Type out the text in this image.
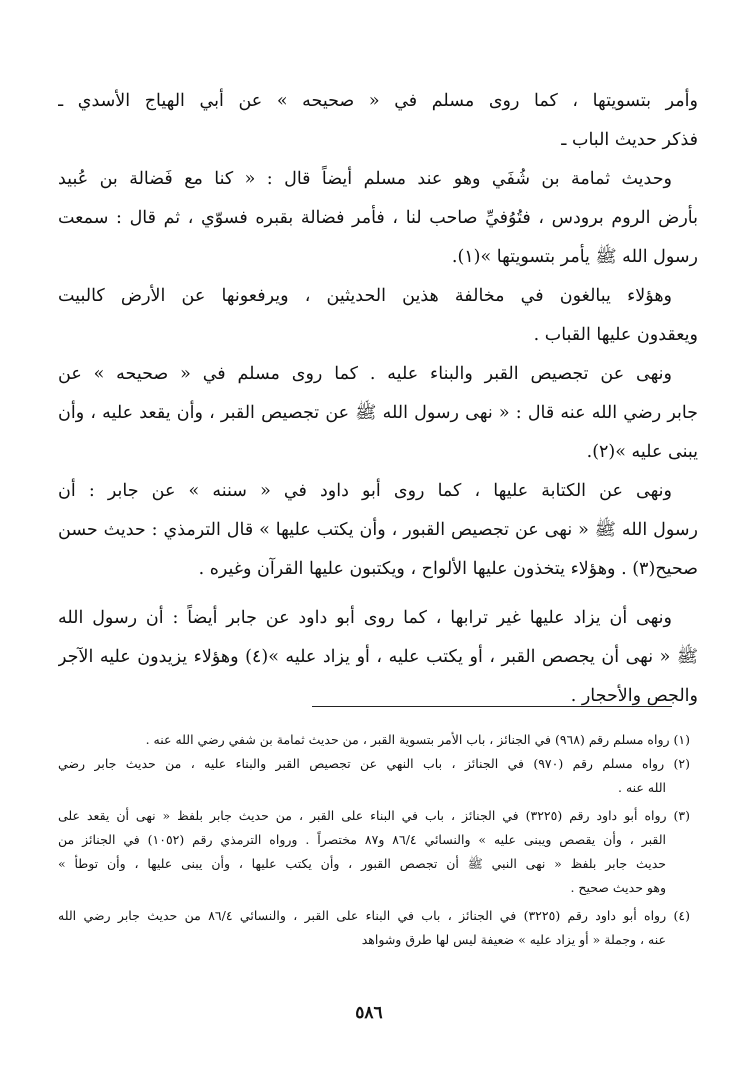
وأمر بتسويتها ، كما روى مسلم في « صحيحه » عن أبي الهياج الأسدي ـ
فذكر حديث الباب ـ
وحديث ثمامة بن شُفَي وهو عند مسلم أيضاً قال : « كنا مع فَضالة بن عُبيد
بأرض الروم برودس ، فتُوُفيِّ صاحب لنا ، فأمر فضالة بقبره فسوّي ، ثم قال : سمعت
رسول الله ﷺ يأمر بتسويتها »(١).
وهؤلاء يبالغون في مخالفة هذين الحديثين ، ويرفعونها عن الأرض كالبيت
ويعقدون عليها القباب .
ونهى عن تجصيص القبر والبناء عليه . كما روى مسلم في « صحيحه » عن
جابر رضي الله عنه قال : « نهى رسول الله ﷺ عن تجصيص القبر ، وأن يقعد عليه ، وأن
يبنى عليه »(٢).
ونهى عن الكتابة عليها ، كما روى أبو داود في « سننه » عن جابر : أن
رسول الله ﷺ « نهى عن تجصيص القبور ، وأن يكتب عليها » قال الترمذي : حديث حسن
صحيح(٣) . وهؤلاء يتخذون عليها الألواح ، ويكتبون عليها القرآن وغيره .
ونهى أن يزاد عليها غير ترابها ، كما روى أبو داود عن جابر أيضاً : أن رسول الله
ﷺ « نهى أن يجصص القبر ، أو يكتب عليه ، أو يزاد عليه »(٤) وهؤلاء يزيدون عليه الآجر
والجص والأحجار .
(١) رواه مسلم رقم (٩٦٨) في الجنائز ، باب الأمر بتسوية القبر ، من حديث ثمامة بن شفي رضي الله عنه .
(٢) رواه مسلم رقم (٩٧٠) في الجنائز ، باب النهي عن تجصيص القبر والبناء عليه ، من حديث جابر رضي
الله عنه .
(٣) رواه أبو داود رقم (٣٢٢٥) في الجنائز ، باب في البناء على القبر ، من حديث جابر بلفظ « نهى أن يقعد على
القبر ، وأن يقصص ويبنى عليه » والنسائي ٨٦/٤ و٨٧ مختصراً . ورواه الترمذي رقم (١٠٥٢) في الجنائز من
حديث جابر بلفظ « نهى النبي ﷺ أن تجصص القبور ، وأن يكتب عليها ، وأن يبنى عليها ، وأن توطأ »
وهو حديث صحيح .
(٤) رواه أبو داود رقم (٣٢٢٥) في الجنائز ، باب في البناء على القبر ، والنسائي ٨٦/٤ من حديث جابر رضي الله
عنه ، وجملة « أو يزاد عليه » ضعيفة ليس لها طرق وشواهد
٥٨٦
